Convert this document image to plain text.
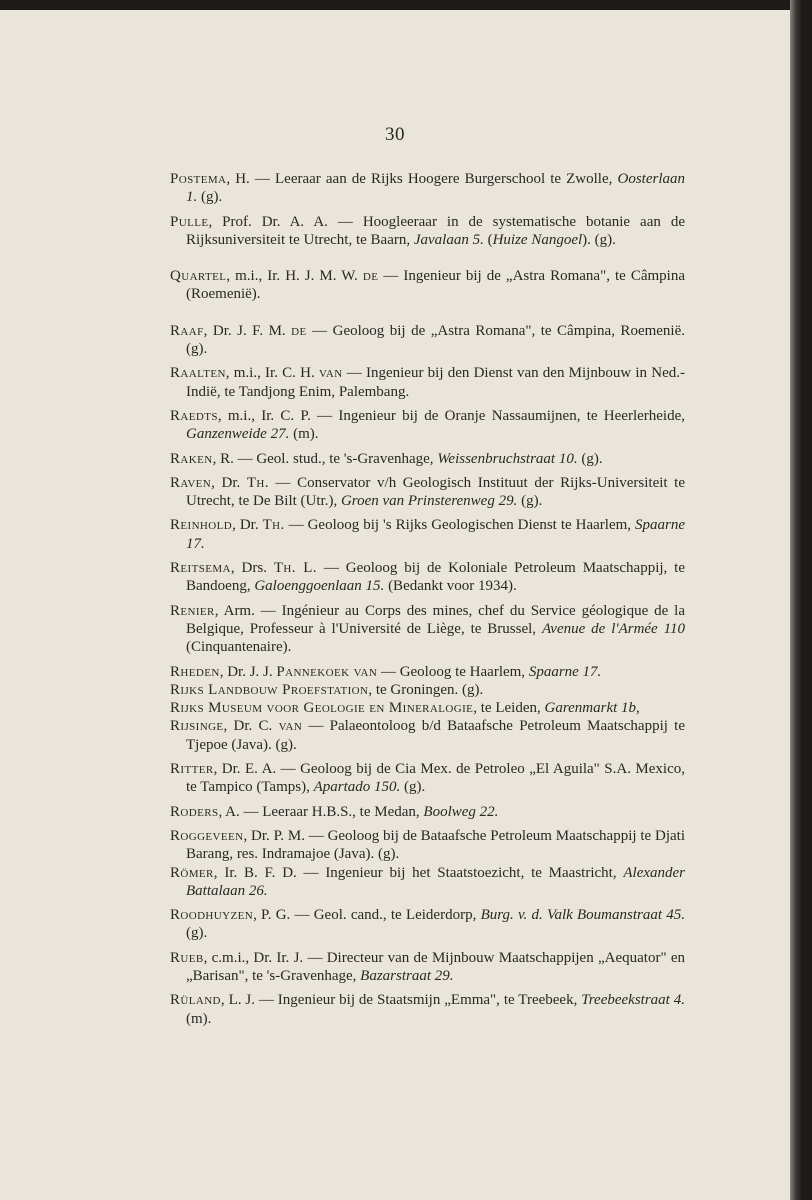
30

Postema, H. — Leeraar aan de Rijks Hoogere Burgerschool te Zwolle, Oosterlaan 1. (g).

Pulle, Prof. Dr. A. A. — Hoogleeraar in de systematische botanie aan de Rijksuniversiteit te Utrecht, te Baarn, Javalaan 5. (Huize Nangoel). (g).

Quartel, m.i., Ir. H. J. M. W. de — Ingenieur bij de „Astra Romana", te Câmpina (Roemenië).

Raaf, Dr. J. F. M. de — Geoloog bij de „Astra Romana", te Câmpina, Roemenië. (g).

Raalten, m.i., Ir. C. H. van — Ingenieur bij den Dienst van den Mijnbouw in Ned.-Indië, te Tandjong Enim, Palembang.

Raedts, m.i., Ir. C. P. — Ingenieur bij de Oranje Nassaumijnen, te Heerlerheide, Ganzenweide 27. (m).

Raken, R. — Geol. stud., te 's-Gravenhage, Weissenbruchstraat 10. (g).

Raven, Dr. Th. — Conservator v/h Geologisch Instituut der Rijks-Universiteit te Utrecht, te De Bilt (Utr.), Groen van Prinsterenweg 29. (g).

Reinhold, Dr. Th. — Geoloog bij 's Rijks Geologischen Dienst te Haarlem, Spaarne 17.

Reitsema, Drs. Th. L. — Geoloog bij de Koloniale Petroleum Maatschappij, te Bandoeng, Galoenggoenlaan 15. (Bedankt voor 1934).

Renier, Arm. — Ingénieur au Corps des mines, chef du Service géologique de la Belgique, Professeur à l'Université de Liège, te Brussel, Avenue de l'Armée 110 (Cinquantenaire).

Rheden, Dr. J. J. Pannekoek van — Geoloog te Haarlem, Spaarne 17.

Rijks Landbouw Proefstation, te Groningen. (g).

Rijks Museum voor Geologie en Mineralogie, te Leiden, Garenmarkt 1b,

Rijsinge, Dr. C. van — Palaeontoloog b/d Bataafsche Petroleum Maatschappij te Tjepoe (Java). (g).

Ritter, Dr. E. A. — Geoloog bij de Cia Mex. de Petroleo „El Aguila" S.A. Mexico, te Tampico (Tamps), Apartado 150. (g).

Roders, A. — Leeraar H.B.S., te Medan, Boolweg 22.

Roggeveen, Dr. P. M. — Geoloog bij de Bataafsche Petroleum Maatschappij te Djati Barang, res. Indramajoe (Java). (g).

Römer, Ir. B. F. D. — Ingenieur bij het Staatstoezicht, te Maastricht, Alexander Battalaan 26.

Roodhuyzen, P. G. — Geol. cand., te Leiderdorp, Burg. v. d. Valk Boumanstraat 45. (g).

Rueb, c.m.i., Dr. Ir. J. — Directeur van de Mijnbouw Maatschappijen „Aequator" en „Barisan", te 's-Gravenhage, Bazarstraat 29.

Rüland, L. J. — Ingenieur bij de Staatsmijn „Emma", te Treebeek, Treebeekstraat 4. (m).
